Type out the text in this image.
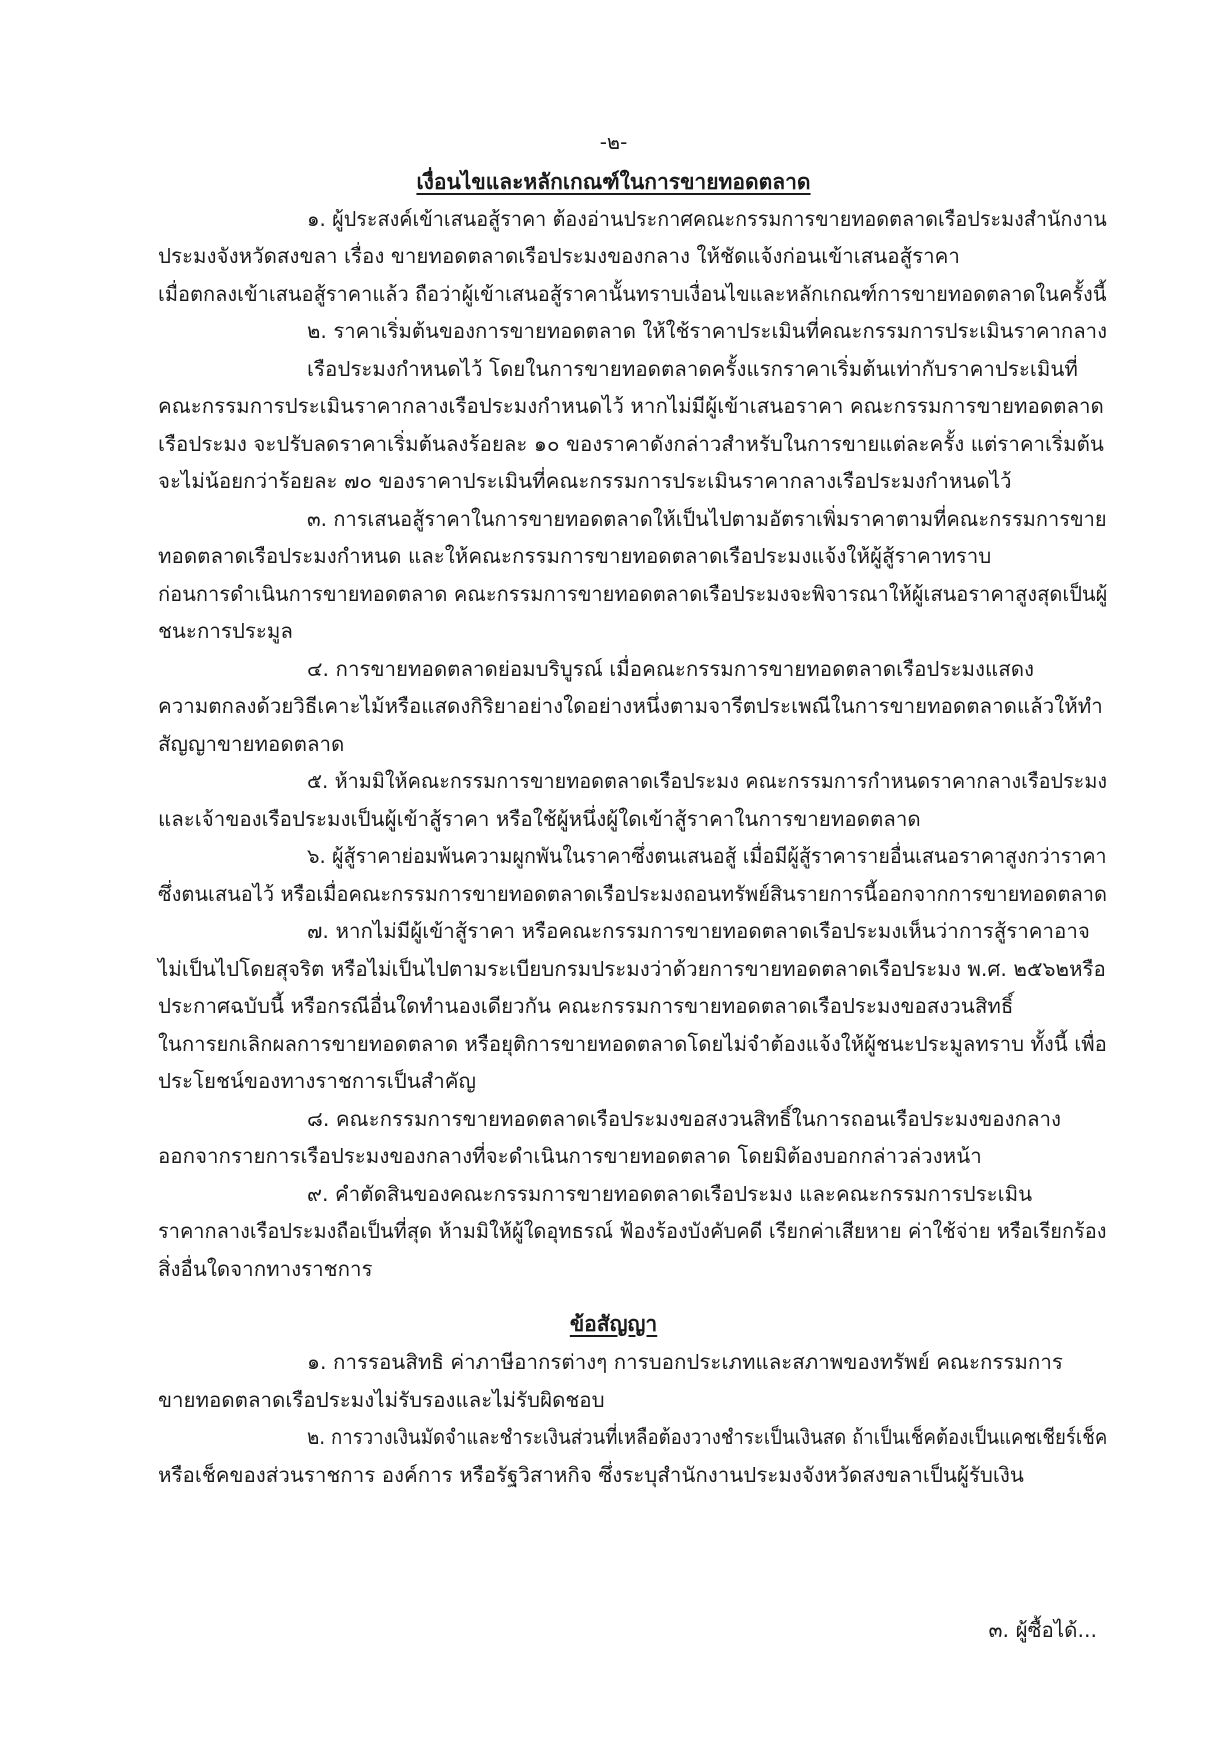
-๒-
เงื่อนไขและหลักเกณฑ์ในการขายทอดตลาด
๑. ผู้ประสงค์เข้าเสนอสู้ราคา ต้องอ่านประกาศคณะกรรมการขายทอดตลาดเรือประมงสำนักงาน
ประมงจังหวัดสงขลา เรื่อง ขายทอดตลาดเรือประมงของกลาง ให้ชัดแจ้งก่อนเข้าเสนอสู้ราคา
เมื่อตกลงเข้าเสนอสู้ราคาแล้ว ถือว่าผู้เข้าเสนอสู้ราคานั้นทราบเงื่อนไขและหลักเกณฑ์การขายทอดตลาดในครั้งนี้
๒. ราคาเริ่มต้นของการขายทอดตลาด ให้ใช้ราคาประเมินที่คณะกรรมการประเมินราคากลาง
เรือประมงกำหนดไว้ โดยในการขายทอดตลาดครั้งแรกราคาเริ่มต้นเท่ากับราคาประเมินที่
คณะกรรมการประเมินราคากลางเรือประมงกำหนดไว้ หากไม่มีผู้เข้าเสนอราคา คณะกรรมการขายทอดตลาด
เรือประมง จะปรับลดราคาเริ่มต้นลงร้อยละ ๑๐ ของราคาดังกล่าวสำหรับในการขายแต่ละครั้ง แต่ราคาเริ่มต้น
จะไม่น้อยกว่าร้อยละ ๗๐ ของราคาประเมินที่คณะกรรมการประเมินราคากลางเรือประมงกำหนดไว้
๓. การเสนอสู้ราคาในการขายทอดตลาดให้เป็นไปตามอัตราเพิ่มราคาตามที่คณะกรรมการขาย
ทอดตลาดเรือประมงกำหนด และให้คณะกรรมการขายทอดตลาดเรือประมงแจ้งให้ผู้สู้ราคาทราบ
ก่อนการดำเนินการขายทอดตลาด คณะกรรมการขายทอดตลาดเรือประมงจะพิจารณาให้ผู้เสนอราคาสูงสุดเป็นผู้
ชนะการประมูล
๔. การขายทอดตลาดย่อมบริบูรณ์ เมื่อคณะกรรมการขายทอดตลาดเรือประมงแสดง
ความตกลงด้วยวิธีเคาะไม้หรือแสดงกิริยาอย่างใดอย่างหนึ่งตามจารีตประเพณีในการขายทอดตลาดแล้วให้ทำ
สัญญาขายทอดตลาด
๕. ห้ามมิให้คณะกรรมการขายทอดตลาดเรือประมง คณะกรรมการกำหนดราคากลางเรือประมง
และเจ้าของเรือประมงเป็นผู้เข้าสู้ราคา หรือใช้ผู้หนึ่งผู้ใดเข้าสู้ราคาในการขายทอดตลาด
๖. ผู้สู้ราคาย่อมพ้นความผูกพันในราคาซึ่งตนเสนอสู้ เมื่อมีผู้สู้ราคารายอื่นเสนอราคาสูงกว่าราคา
ซึ่งตนเสนอไว้ หรือเมื่อคณะกรรมการขายทอดตลาดเรือประมงถอนทรัพย์สินรายการนี้ออกจากการขายทอดตลาด
๗. หากไม่มีผู้เข้าสู้ราคา หรือคณะกรรมการขายทอดตลาดเรือประมงเห็นว่าการสู้ราคาอาจ
ไม่เป็นไปโดยสุจริต หรือไม่เป็นไปตามระเบียบกรมประมงว่าด้วยการขายทอดตลาดเรือประมง พ.ศ. ๒๕๖๒หรือ
ประกาศฉบับนี้ หรือกรณีอื่นใดทำนองเดียวกัน คณะกรรมการขายทอดตลาดเรือประมงขอสงวนสิทธิ์
ในการยกเลิกผลการขายทอดตลาด หรือยุติการขายทอดตลาดโดยไม่จำต้องแจ้งให้ผู้ชนะประมูลทราบ ทั้งนี้ เพื่อ
ประโยชน์ของทางราชการเป็นสำคัญ
๘. คณะกรรมการขายทอดตลาดเรือประมงขอสงวนสิทธิ์ในการถอนเรือประมงของกลาง
ออกจากรายการเรือประมงของกลางที่จะดำเนินการขายทอดตลาด โดยมิต้องบอกกล่าวล่วงหน้า
๙. คำตัดสินของคณะกรรมการขายทอดตลาดเรือประมง และคณะกรรมการประเมิน
ราคากลางเรือประมงถือเป็นที่สุด ห้ามมิให้ผู้ใดอุทธรณ์ ฟ้องร้องบังคับคดี เรียกค่าเสียหาย ค่าใช้จ่าย หรือเรียกร้อง
สิ่งอื่นใดจากทางราชการ
ข้อสัญญา
๑. การรอนสิทธิ ค่าภาษีอากรต่างๆ การบอกประเภทและสภาพของทรัพย์ คณะกรรมการ
ขายทอดตลาดเรือประมงไม่รับรองและไม่รับผิดชอบ
๒. การวางเงินมัดจำและชำระเงินส่วนที่เหลือต้องวางชำระเป็นเงินสด ถ้าเป็นเช็คต้องเป็นแคชเชียร์เช็ค
หรือเช็คของส่วนราชการ องค์การ หรือรัฐวิสาหกิจ ซึ่งระบุสำนักงานประมงจังหวัดสงขลาเป็นผู้รับเงิน
๓. ผู้ซื้อได้...
